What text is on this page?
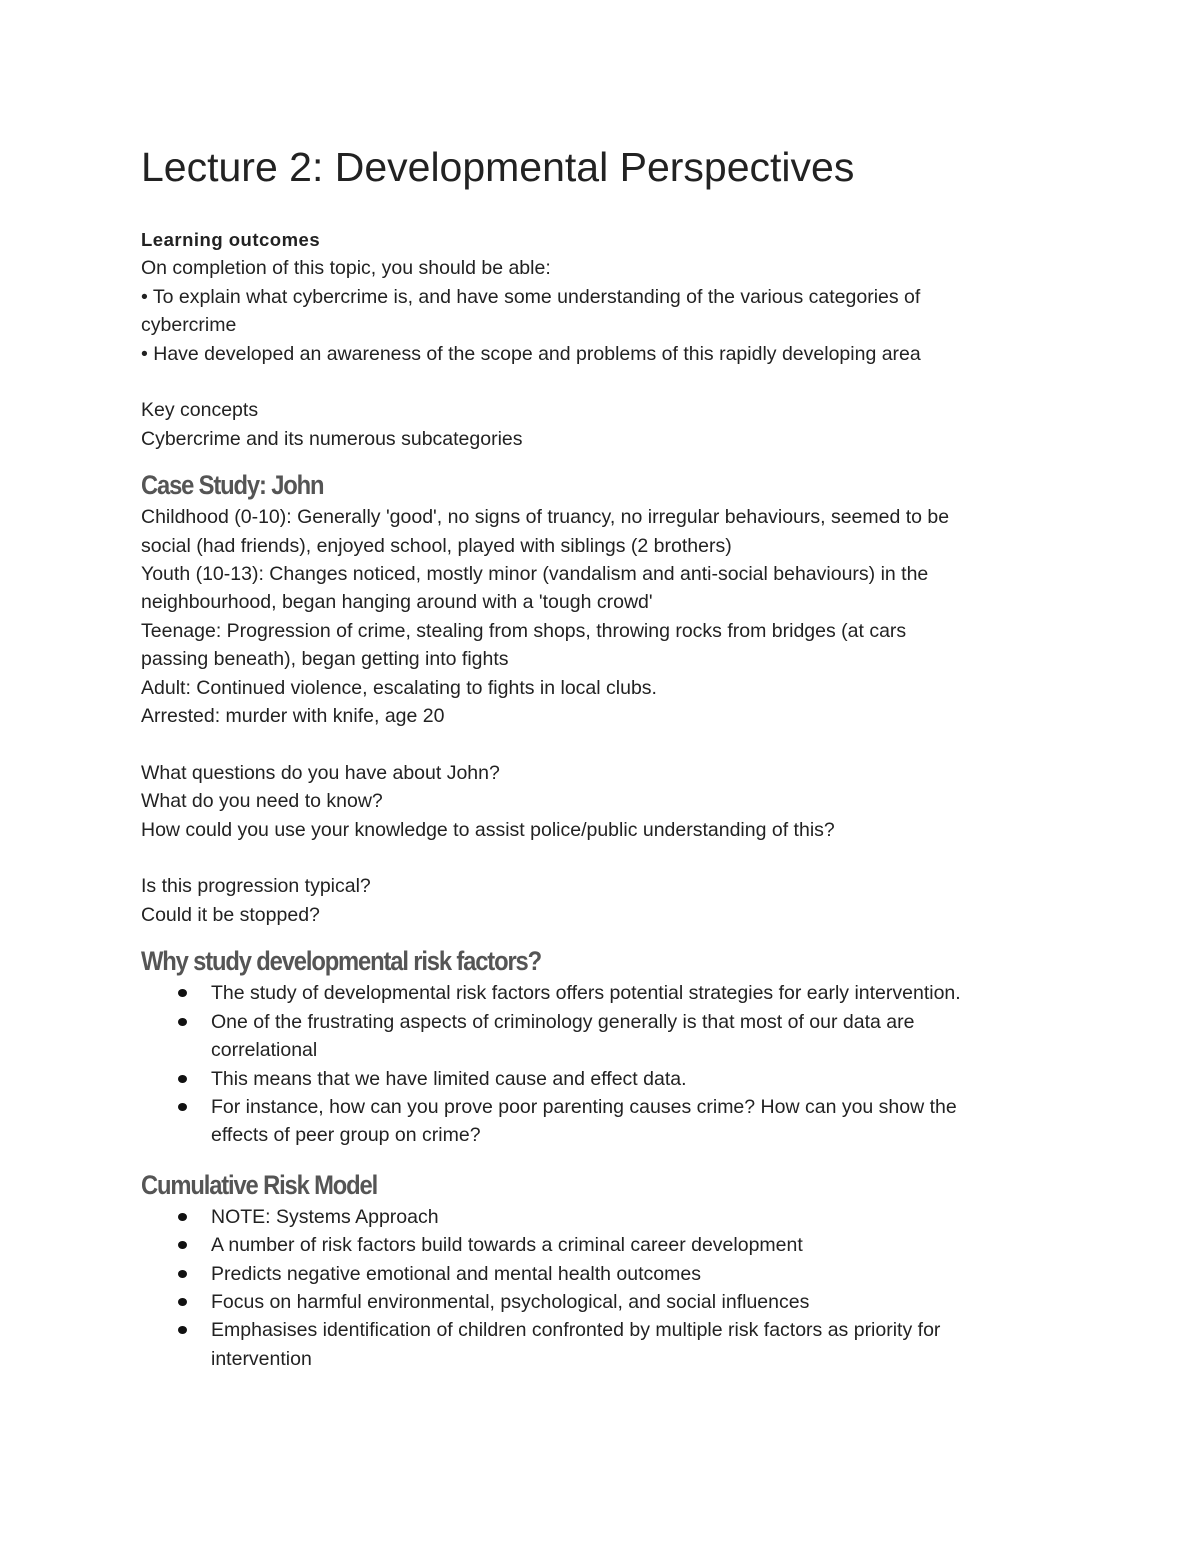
Lecture 2: Developmental Perspectives

Learning outcomes

On completion of this topic, you should be able:

• To explain what cybercrime is, and have some understanding of the various categories of

cybercrime

• Have developed an awareness of the scope and problems of this rapidly developing area

Key concepts

Cybercrime and its numerous subcategories

Case Study: John

Childhood (0-10): Generally 'good', no signs of truancy, no irregular behaviours, seemed to be

social (had friends), enjoyed school, played with siblings (2 brothers)

Youth (10-13): Changes noticed, mostly minor (vandalism and anti-social behaviours) in the

neighbourhood, began hanging around with a 'tough crowd'

Teenage: Progression of crime, stealing from shops, throwing rocks from bridges (at cars

passing beneath), began getting into fights

Adult: Continued violence, escalating to fights in local clubs.

Arrested: murder with knife, age 20

What questions do you have about John?

What do you need to know?

How could you use your knowledge to assist police/public understanding of this?

Is this progression typical?

Could it be stopped?

Why study developmental risk factors?
The study of developmental risk factors offers potential strategies for early intervention.
One of the frustrating aspects of criminology generally is that most of our data are
correlational
This means that we have limited cause and effect data.
For instance, how can you prove poor parenting causes crime? How can you show the
effects of peer group on crime?
Cumulative Risk Model
NOTE: Systems Approach
A number of risk factors build towards a criminal career development
Predicts negative emotional and mental health outcomes
Focus on harmful environmental, psychological, and social influences
Emphasises identification of children confronted by multiple risk factors as priority for
intervention
